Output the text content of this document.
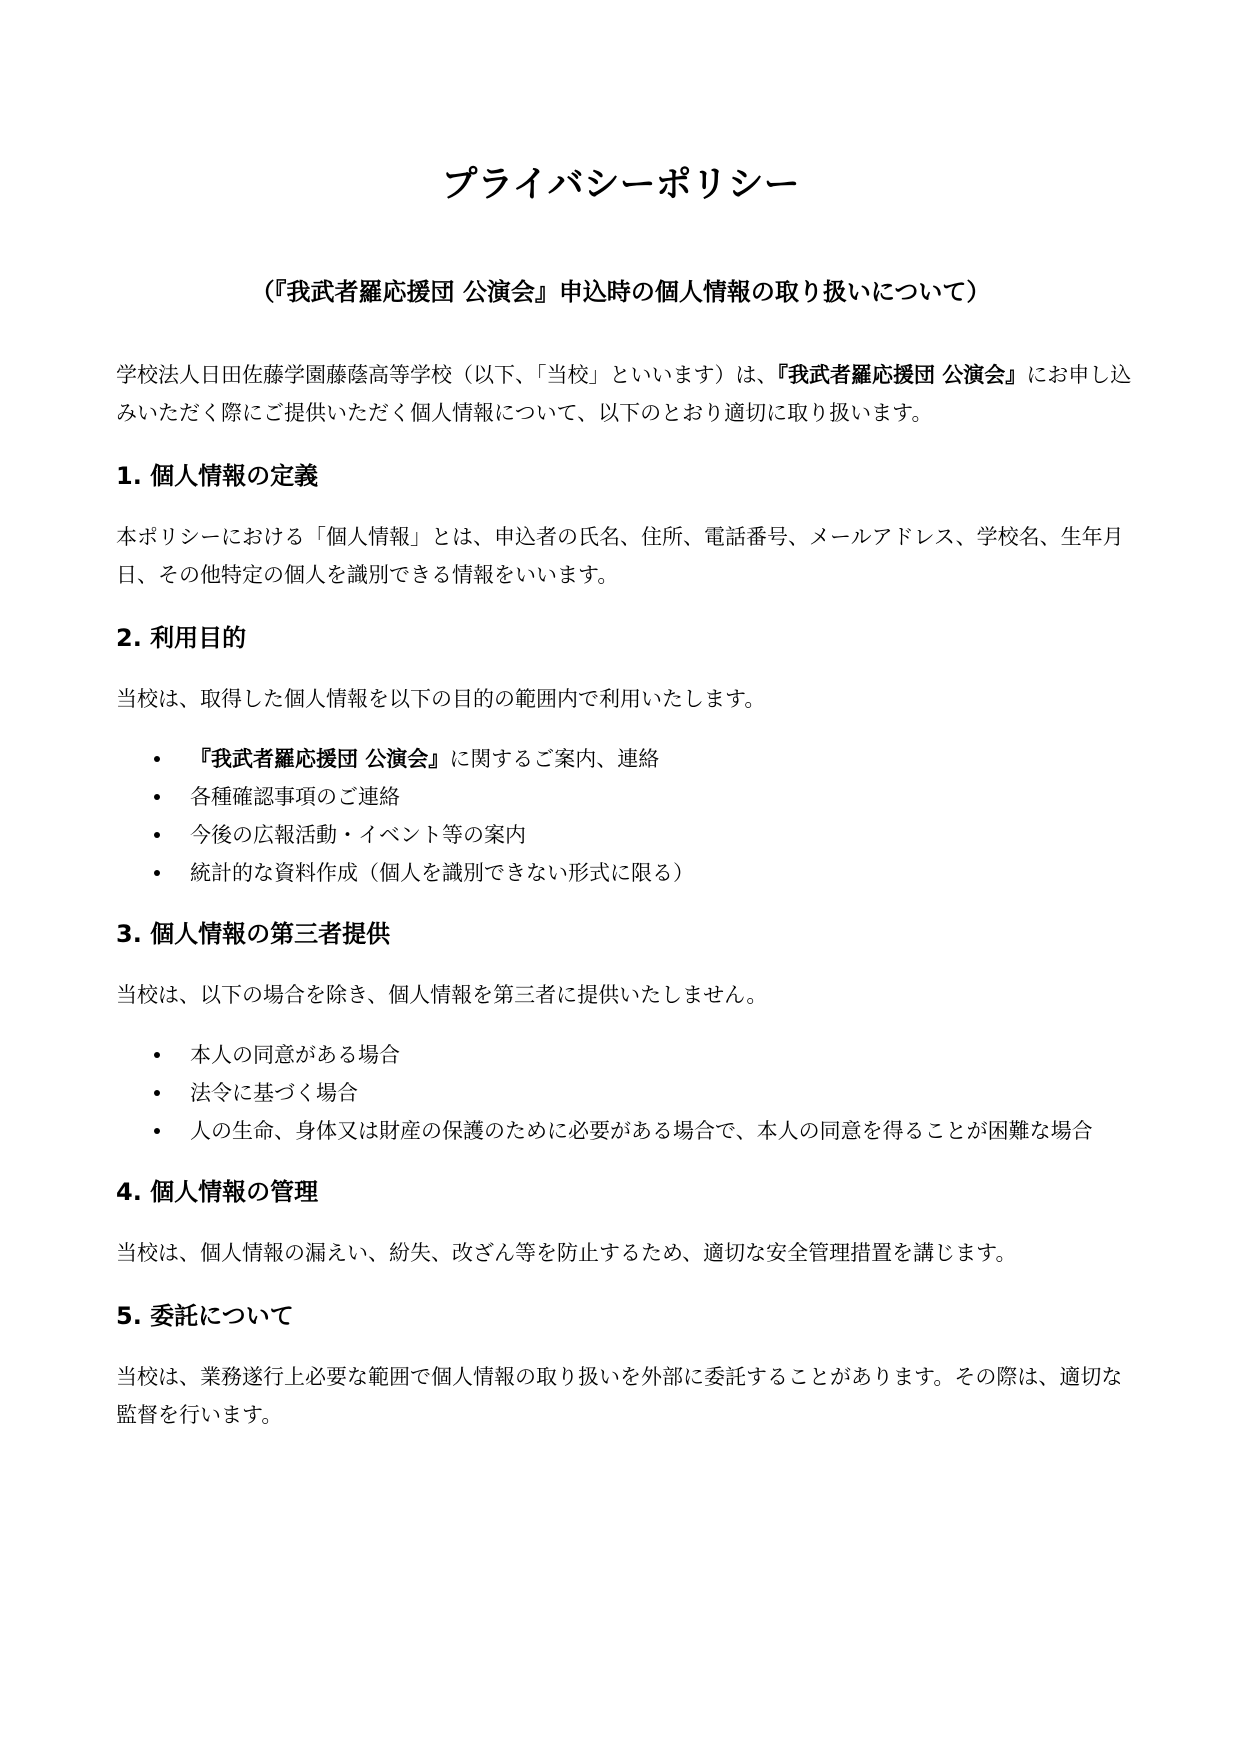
プライバシーポリシー
（『我武者羅応援団 公演会』申込時の個人情報の取り扱いについて）

学校法人日田佐藤学園藤蔭高等学校（以下、「当校」といいます）は、『我武者羅応援団 公演会』にお申し込みいただく際にご提供いただく個人情報について、以下のとおり適切に取り扱います。

1. 個人情報の定義

本ポリシーにおける「個人情報」とは、申込者の氏名、住所、電話番号、メールアドレス、学校名、生年月日、その他特定の個人を識別できる情報をいいます。

2. 利用目的

当校は、取得した個人情報を以下の目的の範囲内で利用いたします。

『我武者羅応援団 公演会』に関するご案内、連絡
各種確認事項のご連絡
今後の広報活動・イベント等の案内
統計的な資料作成（個人を識別できない形式に限る）
3. 個人情報の第三者提供

当校は、以下の場合を除き、個人情報を第三者に提供いたしません。

本人の同意がある場合
法令に基づく場合
人の生命、身体又は財産の保護のために必要がある場合で、本人の同意を得ることが困難な場合
4. 個人情報の管理

当校は、個人情報の漏えい、紛失、改ざん等を防止するため、適切な安全管理措置を講じます。

5. 委託について

当校は、業務遂行上必要な範囲で個人情報の取り扱いを外部に委託することがあります。その際は、適切な監督を行います。
